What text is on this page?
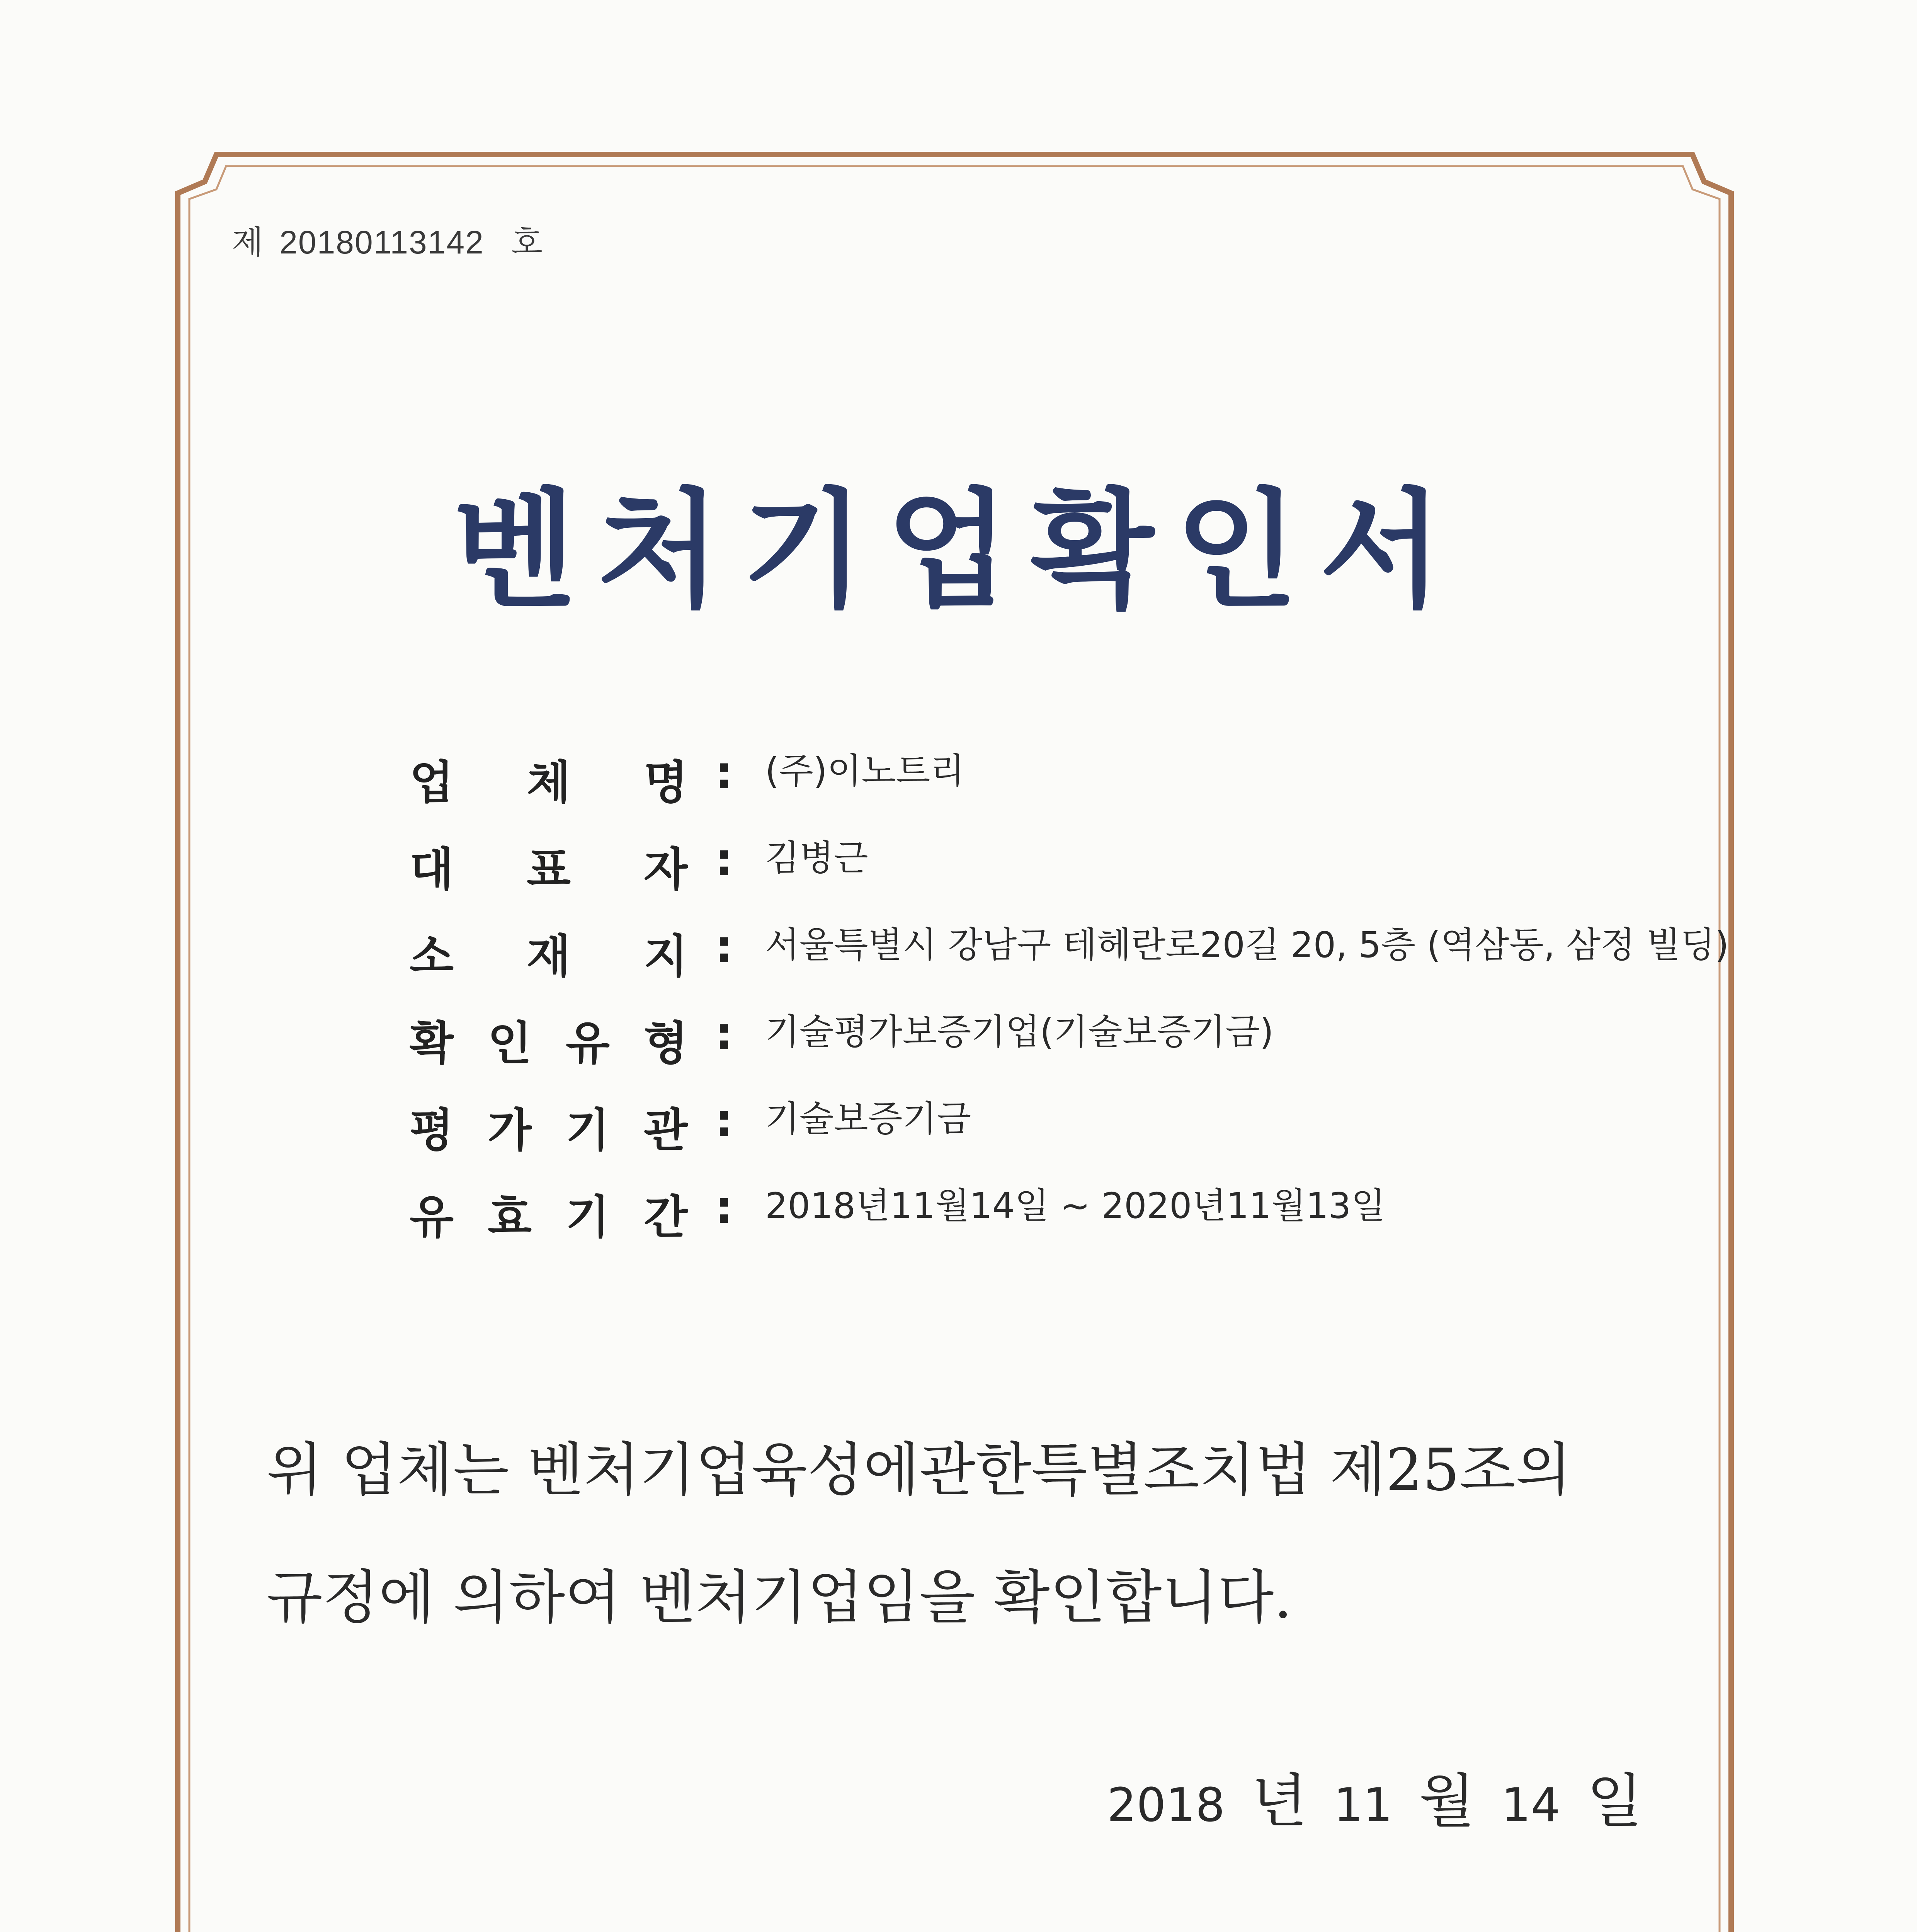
제 20180113142 호
벤처기업확인서
업 체 명 : (주)이노트리
대 표 자 : 김병근
소 재 지 : 서울특별시 강남구 테헤란로20길 20, 5층 (역삼동, 삼정 빌딩)
확 인 유 형 : 기술평가보증기업(기술보증기금)
평 가 기 관 : 기술보증기금
유 효 기 간 : 2018년11월14일 ~ 2020년11월13일
위 업체는 벤처기업육성에관한특별조치법 제25조의
규정에 의하여 벤처기업임을 확인합니다.
2018 년 11 월 14 일
